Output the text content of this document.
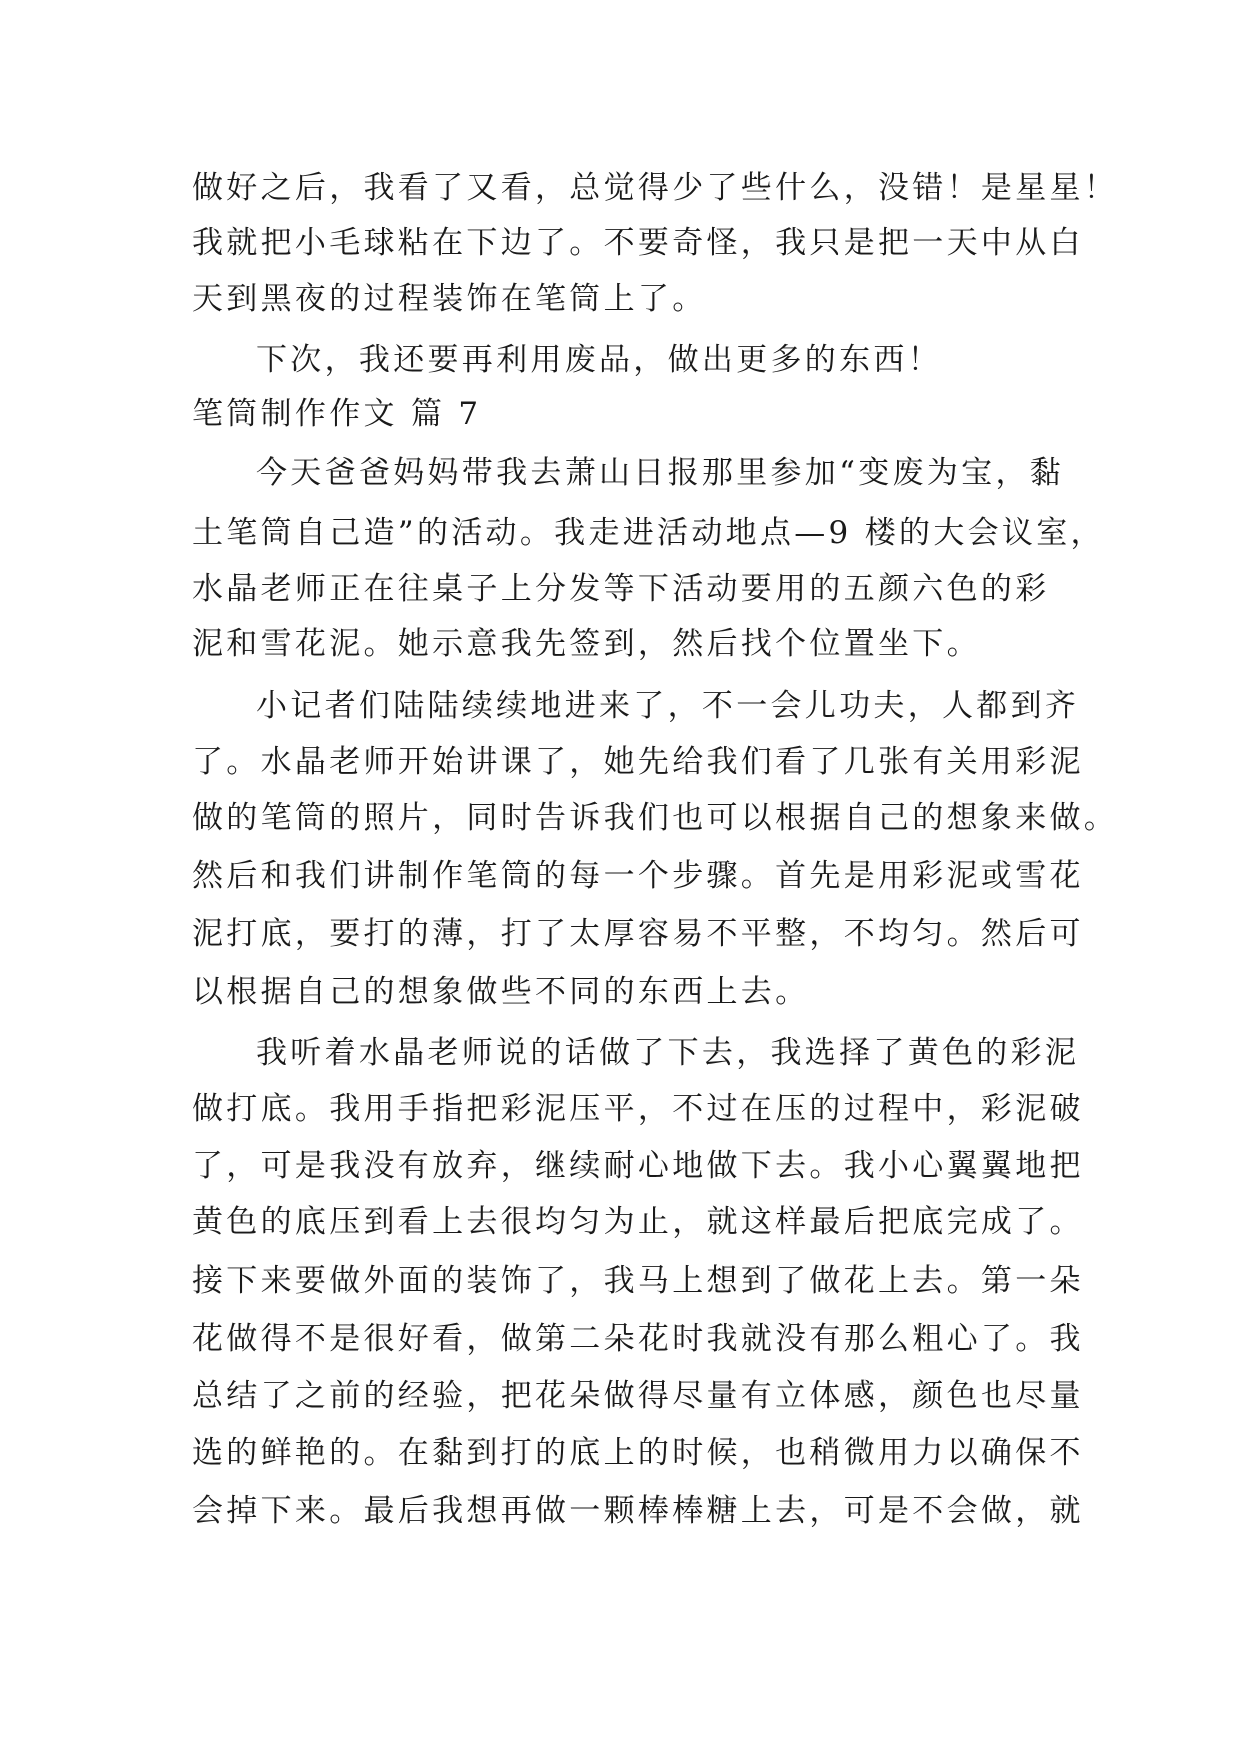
做好之后，我看了又看，总觉得少了些什么，没错！是星星！
我就把小毛球粘在下边了。不要奇怪，我只是把一天中从白
天到黑夜的过程装饰在笔筒上了。
下次，我还要再利用废品，做出更多的东西！
笔筒制作作文 篇 7
今天爸爸妈妈带我去萧山日报那里参加“变废为宝，黏
土笔筒自己造”的活动。我走进活动地点—9 楼的大会议室，
水晶老师正在往桌子上分发等下活动要用的五颜六色的彩
泥和雪花泥。她示意我先签到，然后找个位置坐下。
小记者们陆陆续续地进来了，不一会儿功夫，人都到齐
了。水晶老师开始讲课了，她先给我们看了几张有关用彩泥
做的笔筒的照片，同时告诉我们也可以根据自己的想象来做。
然后和我们讲制作笔筒的每一个步骤。首先是用彩泥或雪花
泥打底，要打的薄，打了太厚容易不平整，不均匀。然后可
以根据自己的想象做些不同的东西上去。
我听着水晶老师说的话做了下去，我选择了黄色的彩泥
做打底。我用手指把彩泥压平，不过在压的过程中，彩泥破
了，可是我没有放弃，继续耐心地做下去。我小心翼翼地把
黄色的底压到看上去很均匀为止，就这样最后把底完成了。
接下来要做外面的装饰了，我马上想到了做花上去。第一朵
花做得不是很好看，做第二朵花时我就没有那么粗心了。我
总结了之前的经验，把花朵做得尽量有立体感，颜色也尽量
选的鲜艳的。在黏到打的底上的时候，也稍微用力以确保不
会掉下来。最后我想再做一颗棒棒糖上去，可是不会做，就
